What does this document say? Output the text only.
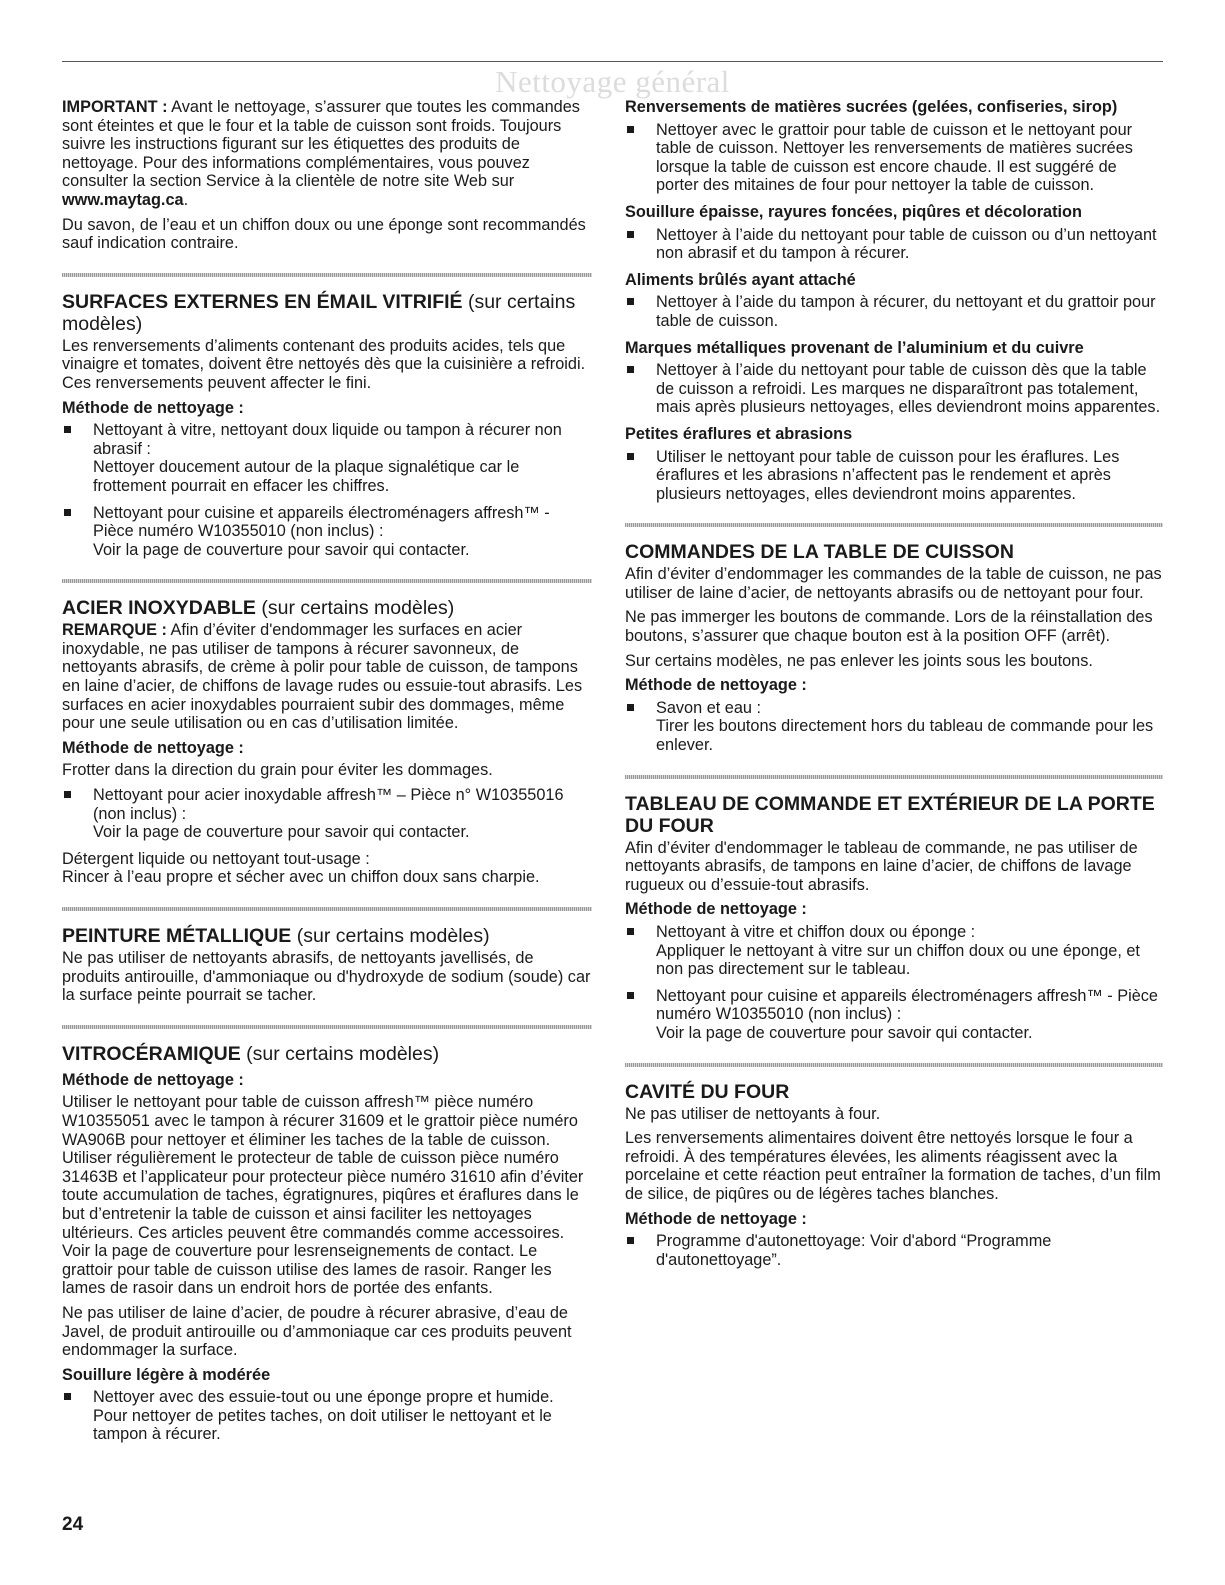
Nettoyage général

IMPORTANT : Avant le nettoyage, s’assurer que toutes les commandes sont éteintes et que le four et la table de cuisson sont froids. Toujours suivre les instructions figurant sur les étiquettes des produits de nettoyage. Pour des informations complémentaires, vous pouvez consulter la section Service à la clientèle de notre site Web sur www.maytag.ca.

Du savon, de l’eau et un chiffon doux ou une éponge sont recommandés sauf indication contraire.

SURFACES EXTERNES EN ÉMAIL VITRIFIÉ (sur certains modèles)

Les renversements d’aliments contenant des produits acides, tels que vinaigre et tomates, doivent être nettoyés dès que la cuisinière a refroidi. Ces renversements peuvent affecter le fini.

Méthode de nettoyage :
Nettoyant à vitre, nettoyant doux liquide ou tampon à récurer non abrasif :
Nettoyer doucement autour de la plaque signalétique car le frottement pourrait en effacer les chiffres.
Nettoyant pour cuisine et appareils électroménagers affresh™ - Pièce numéro W10355010 (non inclus) :
Voir la page de couverture pour savoir qui contacter.
ACIER INOXYDABLE (sur certains modèles)

REMARQUE : Afin d’éviter d'endommager les surfaces en acier inoxydable, ne pas utiliser de tampons à récurer savonneux, de nettoyants abrasifs, de crème à polir pour table de cuisson, de tampons en laine d’acier, de chiffons de lavage rudes ou essuie-tout abrasifs. Les surfaces en acier inoxydables pourraient subir des dommages, même pour une seule utilisation ou en cas d’utilisation limitée.

Méthode de nettoyage :

Frotter dans la direction du grain pour éviter les dommages.

Nettoyant pour acier inoxydable affresh™ – Pièce n° W10355016 (non inclus) :
Voir la page de couverture pour savoir qui contacter.

Détergent liquide ou nettoyant tout-usage :
Rincer à l’eau propre et sécher avec un chiffon doux sans charpie.

PEINTURE MÉTALLIQUE (sur certains modèles)

Ne pas utiliser de nettoyants abrasifs, de nettoyants javellisés, de produits antirouille, d'ammoniaque ou d'hydroxyde de sodium (soude) car la surface peinte pourrait se tacher.

VITROCÉRAMIQUE (sur certains modèles)
Méthode de nettoyage :

Utiliser le nettoyant pour table de cuisson affresh™ pièce numéro W10355051 avec le tampon à récurer 31609 et le grattoir pièce numéro WA906B pour nettoyer et éliminer les taches de la table de cuisson. Utiliser régulièrement le protecteur de table de cuisson pièce numéro 31463B et l’applicateur pour protecteur pièce numéro 31610 afin d’éviter toute accumulation de taches, égratignures, piqûres et éraflures dans le but d’entretenir la table de cuisson et ainsi faciliter les nettoyages ultérieurs. Ces articles peuvent être commandés comme accessoires. Voir la page de couverture pour lesrenseignements de contact. Le grattoir pour table de cuisson utilise des lames de rasoir. Ranger les lames de rasoir dans un endroit hors de portée des enfants.

Ne pas utiliser de laine d’acier, de poudre à récurer abrasive, d’eau de Javel, de produit antirouille ou d’ammoniaque car ces produits peuvent endommager la surface.

Souillure légère à modérée
Nettoyer avec des essuie-tout ou une éponge propre et humide. Pour nettoyer de petites taches, on doit utiliser le nettoyant et le tampon à récurer.
Renversements de matières sucrées (gelées, confiseries, sirop)
Nettoyer avec le grattoir pour table de cuisson et le nettoyant pour table de cuisson. Nettoyer les renversements de matières sucrées lorsque la table de cuisson est encore chaude. Il est suggéré de porter des mitaines de four pour nettoyer la table de cuisson.
Souillure épaisse, rayures foncées, piqûres et décoloration
Nettoyer à l’aide du nettoyant pour table de cuisson ou d’un nettoyant non abrasif et du tampon à récurer.
Aliments brûlés ayant attaché
Nettoyer à l’aide du tampon à récurer, du nettoyant et du grattoir pour table de cuisson.
Marques métalliques provenant de l’aluminium et du cuivre
Nettoyer à l’aide du nettoyant pour table de cuisson dès que la table de cuisson a refroidi. Les marques ne disparaîtront pas totalement, mais après plusieurs nettoyages, elles deviendront moins apparentes.
Petites éraflures et abrasions
Utiliser le nettoyant pour table de cuisson pour les éraflures. Les éraflures et les abrasions n’affectent pas le rendement et après plusieurs nettoyages, elles deviendront moins apparentes.
COMMANDES DE LA TABLE DE CUISSON

Afin d’éviter d’endommager les commandes de la table de cuisson, ne pas utiliser de laine d’acier, de nettoyants abrasifs ou de nettoyant pour four.

Ne pas immerger les boutons de commande. Lors de la réinstallation des boutons, s’assurer que chaque bouton est à la position OFF (arrêt).

Sur certains modèles, ne pas enlever les joints sous les boutons.

Méthode de nettoyage :
Savon et eau :
Tirer les boutons directement hors du tableau de commande pour les enlever.
TABLEAU DE COMMANDE ET EXTÉRIEUR DE LA PORTE DU FOUR

Afin d’éviter d'endommager le tableau de commande, ne pas utiliser de nettoyants abrasifs, de tampons en laine d’acier, de chiffons de lavage rugueux ou d’essuie-tout abrasifs.

Méthode de nettoyage :
Nettoyant à vitre et chiffon doux ou éponge :
Appliquer le nettoyant à vitre sur un chiffon doux ou une éponge, et non pas directement sur le tableau.
Nettoyant pour cuisine et appareils électroménagers affresh™ - Pièce numéro W10355010 (non inclus) :
Voir la page de couverture pour savoir qui contacter.
CAVITÉ DU FOUR

Ne pas utiliser de nettoyants à four.

Les renversements alimentaires doivent être nettoyés lorsque le four a refroidi. À des températures élevées, les aliments réagissent avec la porcelaine et cette réaction peut entraîner la formation de taches, d’un film de silice, de piqûres ou de légères taches blanches.

Méthode de nettoyage :
Programme d'autonettoyage: Voir d'abord “Programme d'autonettoyage”.
24
